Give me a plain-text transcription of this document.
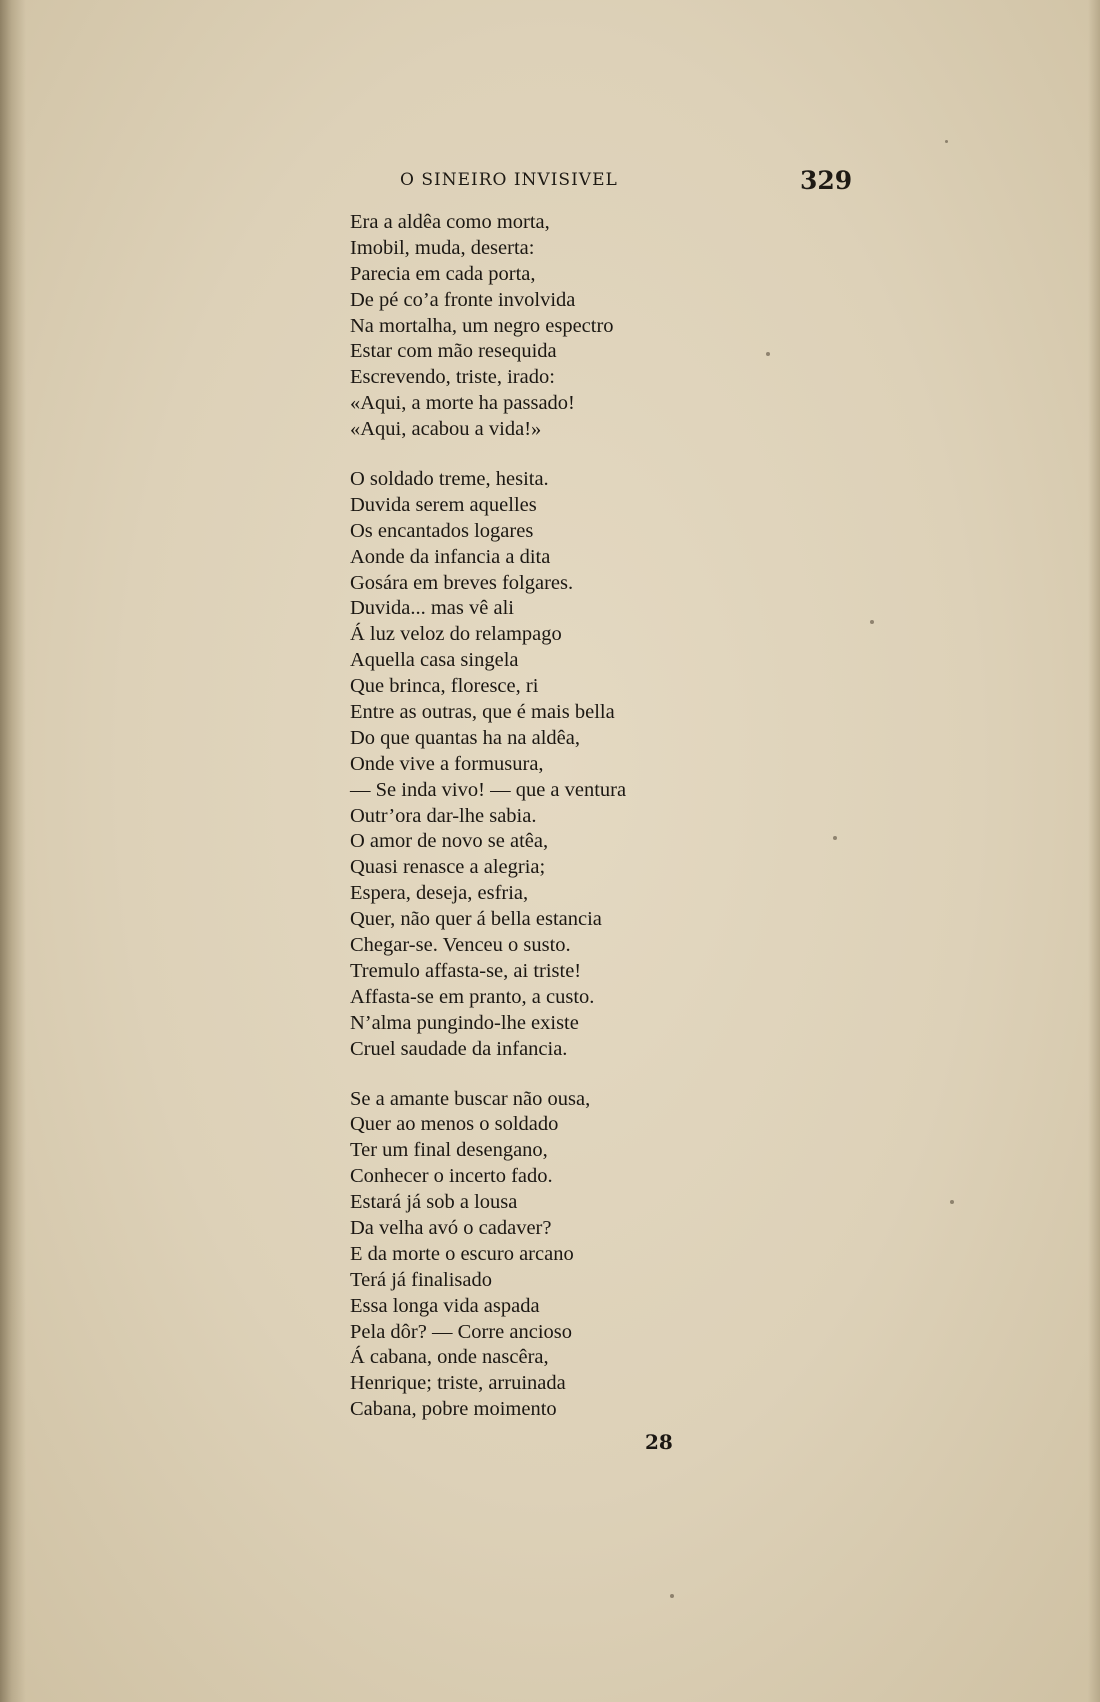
O SINEIRO INVISIVEL	329
Era a aldêa como morta,
Imobil, muda, deserta:
Parecia em cada porta,
De pé co’a fronte involvida
Na mortalha, um negro espectro
Estar com mão resequida
Escrevendo, triste, irado:
«Aqui, a morte ha passado!
«Aqui, acabou a vida!»
O soldado treme, hesita.
Duvida serem aquelles
Os encantados logares
Aonde da infancia a dita
Gosára em breves folgares.
Duvida... mas vê ali
Á luz veloz do relampago
Aquella casa singela
Que brinca, floresce, ri
Entre as outras, que é mais bella
Do que quantas ha na aldêa,
Onde vive a formusura,
— Se inda vivo! — que a ventura
Outr’ora dar-lhe sabia.
O amor de novo se atêa,
Quasi renasce a alegria;
Espera, deseja, esfria,
Quer, não quer á bella estancia
Chegar-se. Venceu o susto.
Tremulo affasta-se, ai triste!
Affasta-se em pranto, a custo.
N’alma pungindo-lhe existe
Cruel saudade da infancia.
Se a amante buscar não ousa,
Quer ao menos o soldado
Ter um final desengano,
Conhecer o incerto fado.
Estará já sob a lousa
Da velha avó o cadaver?
E da morte o escuro arcano
Terá já finalisado
Essa longa vida aspada
Pela dôr? — Corre ancioso
Á cabana, onde nascêra,
Henrique; triste, arruinada
Cabana, pobre moimento
28
